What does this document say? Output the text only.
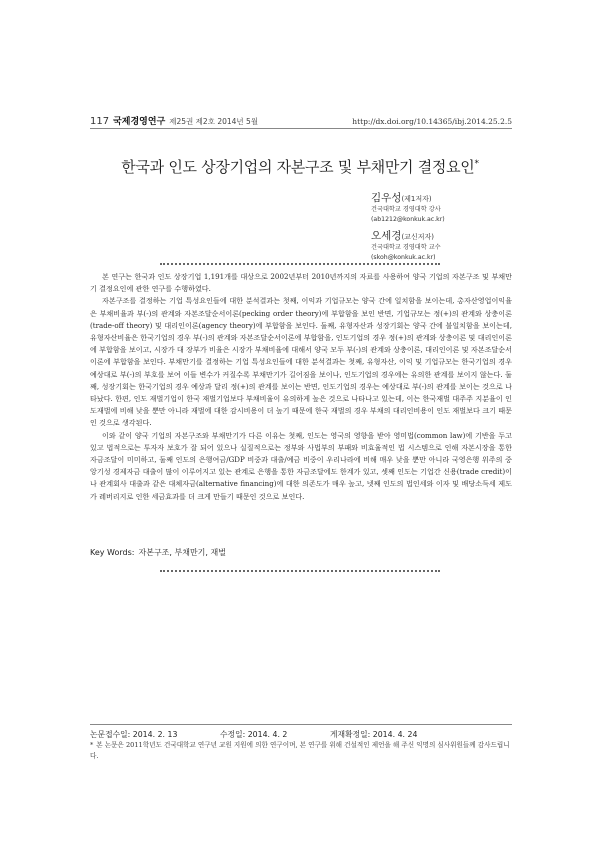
117 국제경영연구 제25권 제2호 2014년 5월	http://dx.doi.org/10.14365/ibj.2014.25.2.5
한국과 인도 상장기업의 자본구조 및 부채만기 결정요인*
김우성(제1저자)
건국대학교 경영대학 강사
(ab1212@konkuk.ac.kr)
오세경(교신저자)
건국대학교 경영대학 교수
(skoh@konkuk.ac.kr)

본 연구는 한국과 인도 상장기업 1,191개를 대상으로 2002년부터 2010년까지의 자료를 사용하여 양국 기업의 자본구조 및 부채만기 결정요인에 관한 연구를 수행하였다.

자본구조를 결정하는 기업 특성요인들에 대한 분석결과는 첫째, 이익과 기업규모는 양국 간에 일치함을 보이는데, 총자산영업이익율은 부채비율과 부(-)의 관계와 자본조달순서이론(pecking order theory)에 부합함을 보인 반면, 기업규모는 정(+)의 관계와 상충이론(trade-off theory) 및 대리인이론(agency theory)에 부합함을 보인다. 둘째, 유형자산과 성장기회는 양국 간에 불일치함을 보이는데, 유형자산비율은 한국기업의 경우 부(-)의 관계와 자본조달순서이론에 부합함을, 인도기업의 경우 정(+)의 관계와 상충이론 및 대리인이론에 부합함을 보이고, 시장가 대 장부가 비율은 시장가 부채비율에 대해서 양국 모두 부(-)의 관계와 상충이론, 대리인이론 및 자본조달순서이론에 부합함을 보인다. 부채만기를 결정하는 기업 특성요인들에 대한 분석결과는 첫째, 유형자산, 이익 및 기업규모는 한국기업의 경우 예상대로 부(-)의 부호를 보여 이들 변수가 커질수록 부채만기가 길어짐을 보이나, 인도기업의 경우에는 유의한 관계를 보이지 않는다. 둘째, 성장기회는 한국기업의 경우 예상과 달리 정(+)의 관계를 보이는 반면, 인도기업의 경우는 예상대로 부(-)의 관계를 보이는 것으로 나타났다. 한편, 인도 재벌기업이 한국 재벌기업보다 부채비율이 유의하게 높은 것으로 나타나고 있는데, 이는 한국재벌 대주주 지분율이 인도재벌에 비해 낮을 뿐만 아니라 재벌에 대한 감시비용이 더 높기 때문에 한국 재벌의 경우 부채의 대리인비용이 인도 재벌보다 크기 때문인 것으로 생각된다.

이와 같이 양국 기업의 자본구조와 부채만기가 다른 이유는 첫째, 인도는 영국의 영향을 받아 영미법(common law)에 기반을 두고 있고 법적으로는 투자자 보호가 잘 되어 있으나 실질적으로는 정부와 사법부의 부패와 비효율적인 법 시스템으로 인해 자본시장을 통한 자금조달이 미미하고, 둘째 인도의 은행여금/GDP 비중과 대출/예금 비중이 우리나라에 비해 매우 낮을 뿐만 아니라 국영은행 위주의 중앙기성 경제자금 대출이 많이 이루어지고 있는 관계로 은행을 통한 자금조달에도 한계가 있고, 셋째 인도는 기업간 신용(trade credit)이나 관계회사 대출과 같은 대체자금(alternative financing)에 대한 의존도가 매우 높고, 넷째 인도의 법인세와 이자 및 배당소득세 제도가 레버리지로 인한 세금효과를 더 크게 만들기 때문인 것으로 보인다.

Key Words: 자본구조, 부채만기, 재벌
논문접수일: 2014. 2. 13	수정일: 2014. 4. 2	게재확정일: 2014. 4. 24
* 본 논문은 2011학년도 건국대학교 연구년 교원 지원에 의한 연구이며, 본 연구를 위해 건설적인 제언을 해 주신 익명의 심사위원들께 감사드립니다.
